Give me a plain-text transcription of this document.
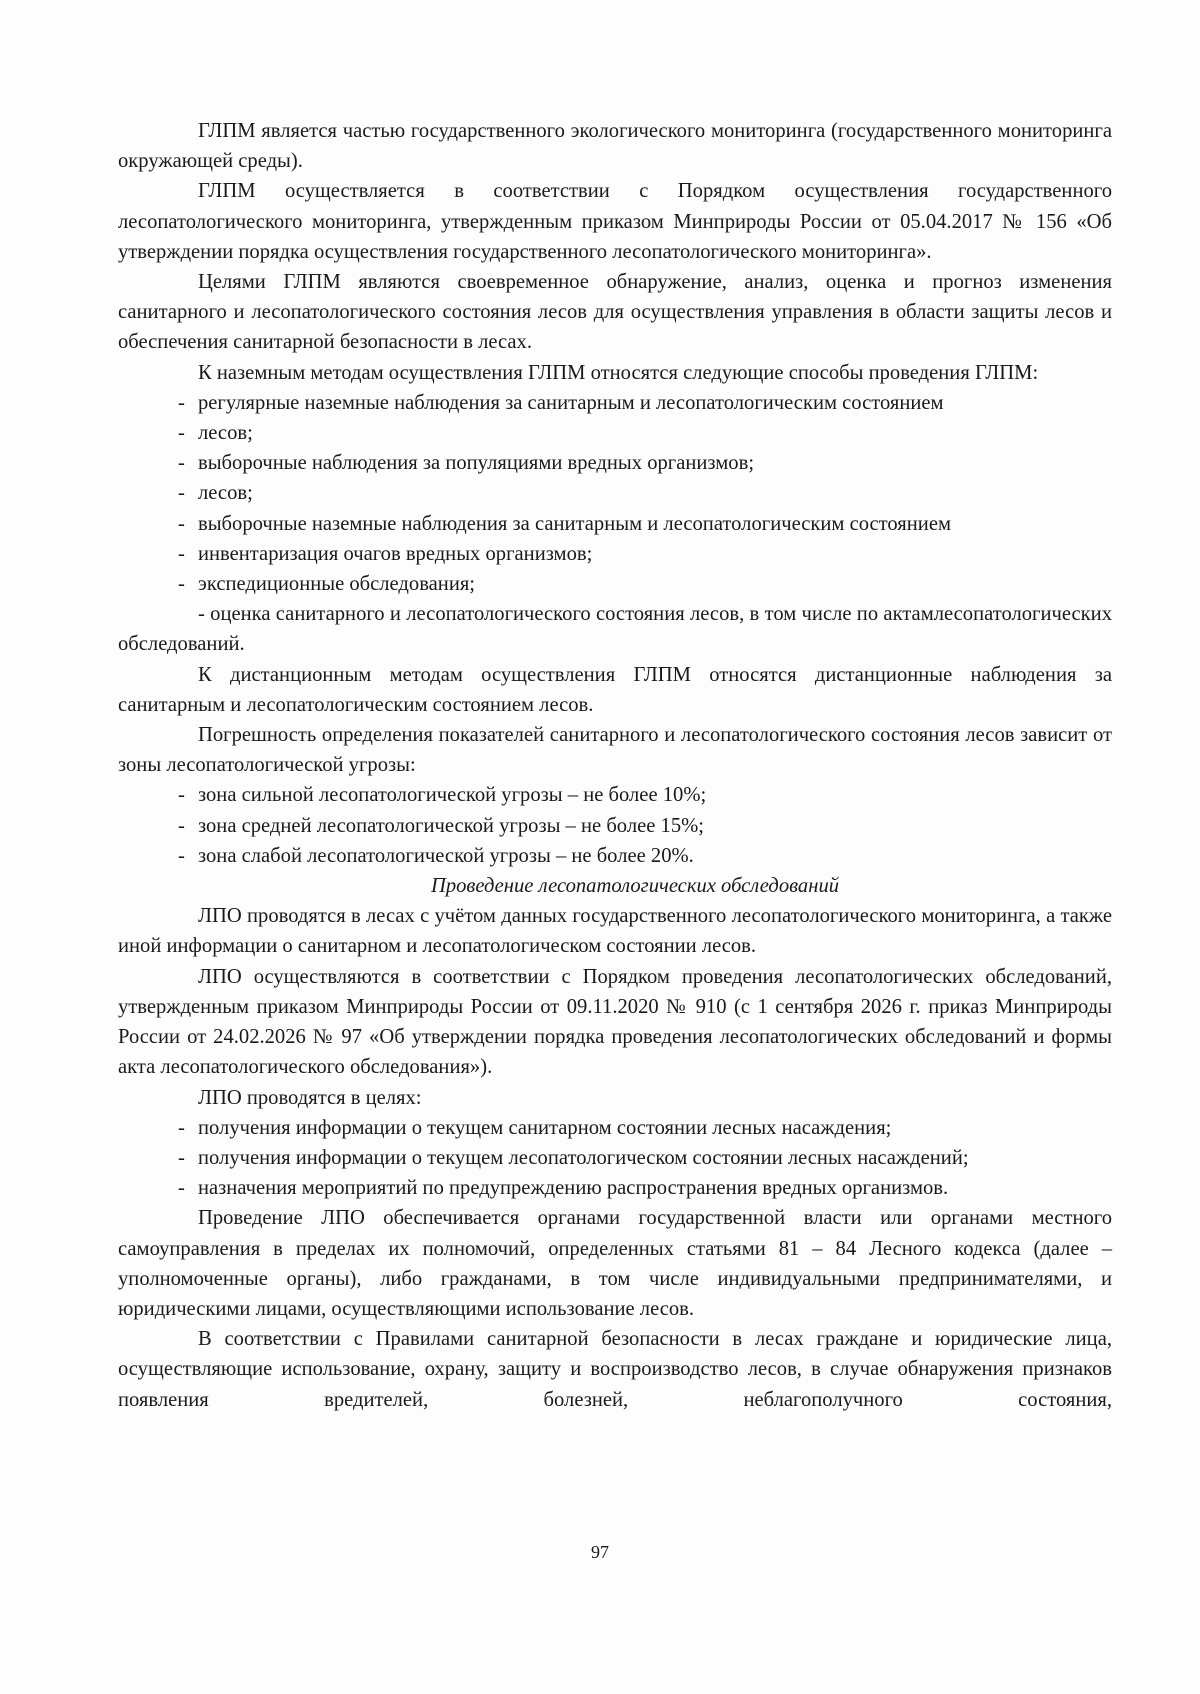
ГЛПМ является частью государственного экологического мониторинга (государственного мониторинга окружающей среды).

ГЛПМ осуществляется в соответствии с Порядком осуществления государственного лесопатологического мониторинга, утвержденным приказом Минприроды России от 05.04.2017 № 156 «Об утверждении порядка осуществления государственного лесопатологического мониторинга».

Целями ГЛПМ являются своевременное обнаружение, анализ, оценка и прогноз изменения санитарного и лесопатологического состояния лесов для осуществления управления в области защиты лесов и обеспечения санитарной безопасности в лесах.

К наземным методам осуществления ГЛПМ относятся следующие способы проведения ГЛПМ:

- регулярные наземные наблюдения за санитарным и лесопатологическим состоянием

- лесов;

- выборочные наблюдения за популяциями вредных организмов;

- лесов;

- выборочные наземные наблюдения за санитарным и лесопатологическим состоянием

- инвентаризация очагов вредных организмов;

- экспедиционные обследования;

- оценка санитарного и лесопатологического состояния лесов, в том числе по актамлесопатологических обследований.

К дистанционным методам осуществления ГЛПМ относятся дистанционные наблюдения за санитарным и лесопатологическим состоянием лесов.

Погрешность определения показателей санитарного и лесопатологического состояния лесов зависит от зоны лесопатологической угрозы:

- зона сильной лесопатологической угрозы – не более 10%;

- зона средней лесопатологической угрозы – не более 15%;

- зона слабой лесопатологической угрозы – не более 20%.

Проведение лесопатологических обследований

ЛПО проводятся в лесах с учётом данных государственного лесопатологического мониторинга, а также иной информации о санитарном и лесопатологическом состоянии лесов.

ЛПО осуществляются в соответствии с Порядком проведения лесопатологических обследований, утвержденным приказом Минприроды России от 09.11.2020 № 910 (с 1 сентября 2026 г. приказ Минприроды России от 24.02.2026 № 97 «Об утверждении порядка проведения лесопатологических обследований и формы акта лесопатологического обследования»).

ЛПО проводятся в целях:

- получения информации о текущем санитарном состоянии лесных насаждения;

- получения информации о текущем лесопатологическом состоянии лесных насаждений;

- назначения мероприятий по предупреждению распространения вредных организмов.

Проведение ЛПО обеспечивается органами государственной власти или органами местного самоуправления в пределах их полномочий, определенных статьями 81 – 84 Лесного кодекса (далее – уполномоченные органы), либо гражданами, в том числе индивидуальными предпринимателями, и юридическими лицами, осуществляющими использование лесов.

В соответствии с Правилами санитарной безопасности в лесах граждане и юридические лица, осуществляющие использование, охрану, защиту и воспроизводство лесов, в случае обнаружения признаков появления вредителей, болезней, неблагополучного состояния,

97
